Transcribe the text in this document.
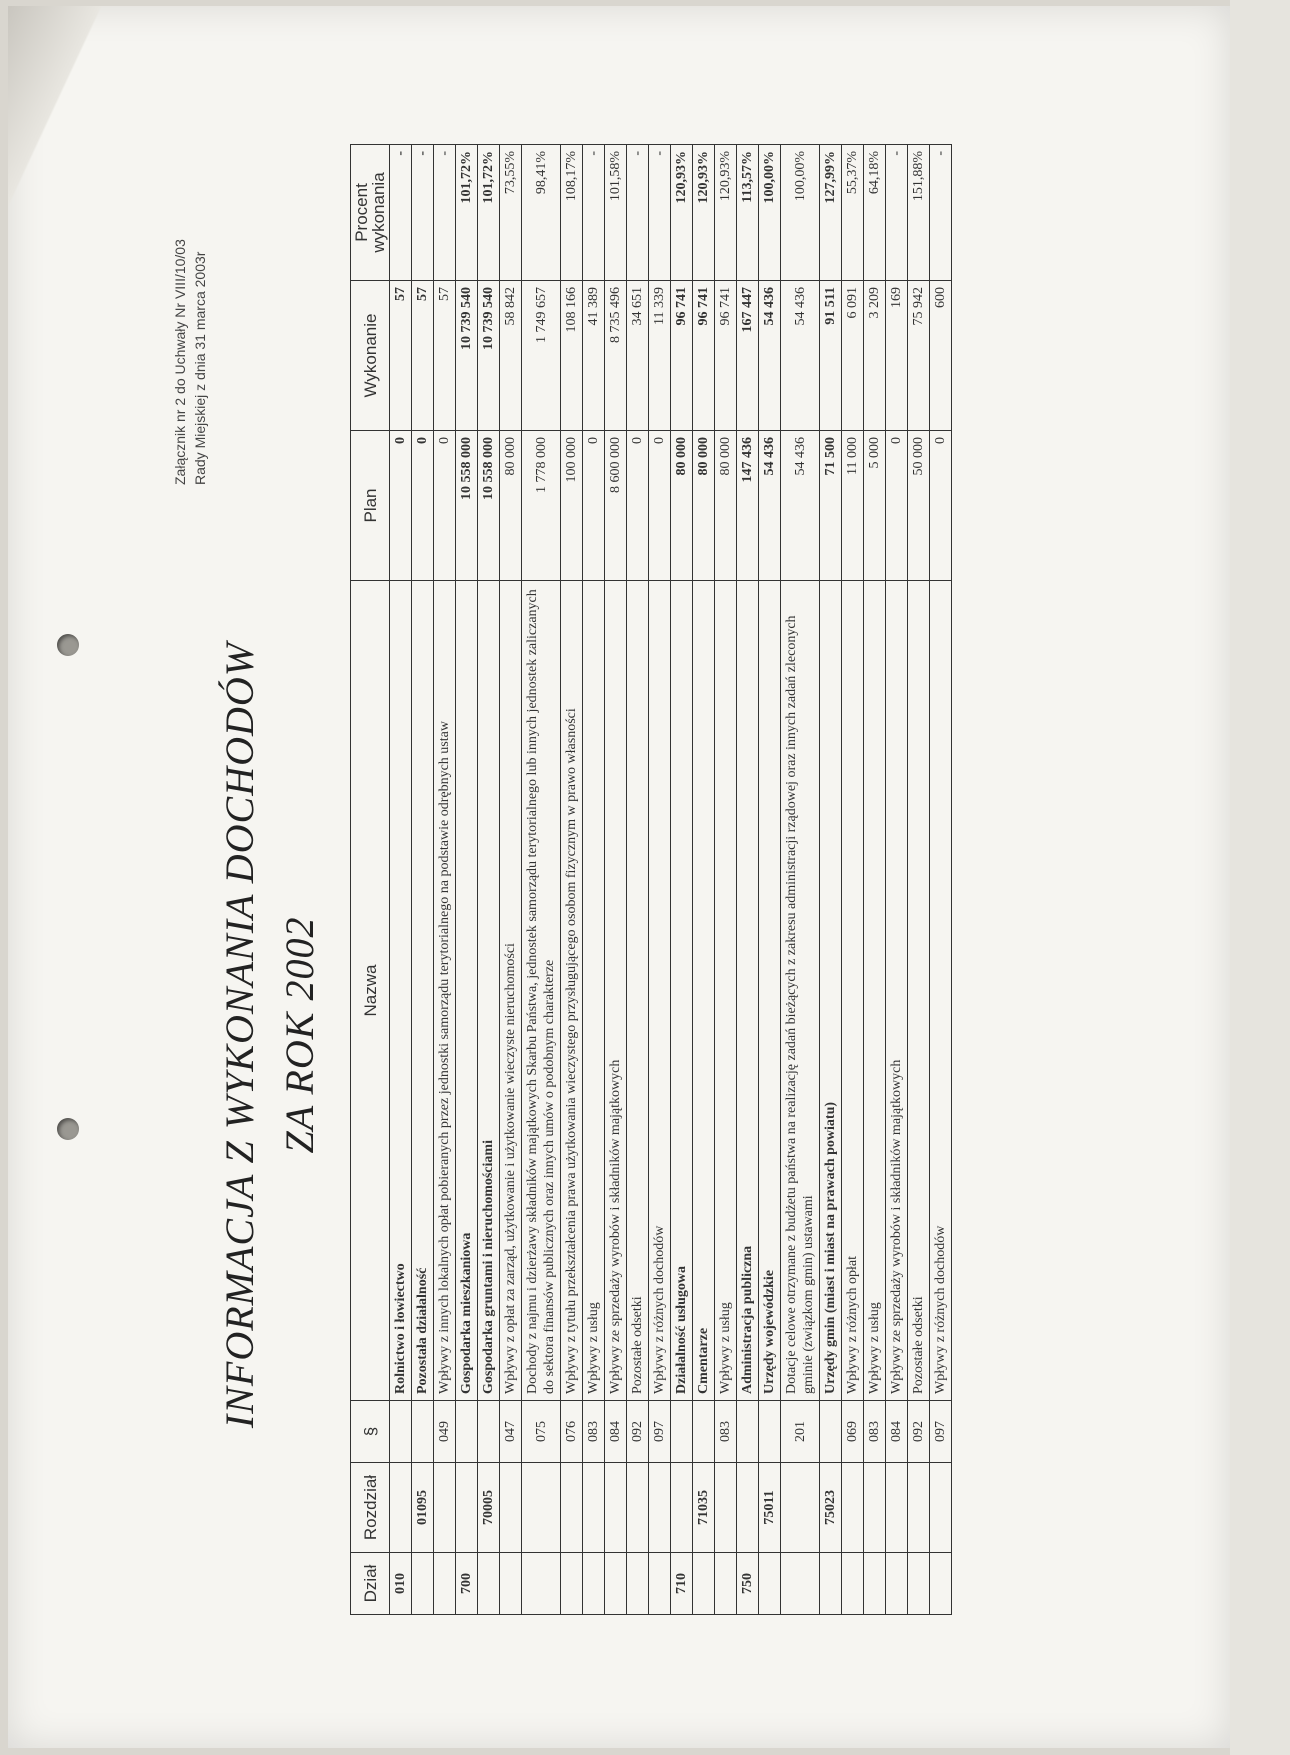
Załącznik nr 2 do Uchwały Nr VIII/10/03 Rady Miejskiej z dnia 31 marca 2003r
INFORMACJA Z WYKONANIA DOCHODÓW ZA ROK 2002
Dział	Rozdział	§	Nazwa	Plan	Wykonanie	Procent wykonania
010			Rolnictwo i łowiectwo	0	57	-
	01095		Pozostała działalność	0	57	-
		049	Wpływy z innych lokalnych opłat pobieranych przez jednostki samorządu terytorialnego na podstawie odrębnych ustaw	0	57	-
700			Gospodarka mieszkaniowa	10 558 000	10 739 540	101,72%
	70005		Gospodarka gruntami i nieruchomościami	10 558 000	10 739 540	101,72%
		047	Wpływy z opłat za zarząd, użytkowanie i użytkowanie wieczyste nieruchomości	80 000	58 842	73,55%
		075	Dochody z najmu i dzierżawy składników majątkowych Skarbu Państwa, jednostek samorządu terytorialnego lub innych jednostek zaliczanych do sektora finansów publicznych oraz innych umów o podobnym charakterze	1 778 000	1 749 657	98,41%
		076	Wpływy z tytułu przekształcenia prawa użytkowania wieczystego przysługującego osobom fizycznym w prawo własności	100 000	108 166	108,17%
		083	Wpływy z usług	0	41 389	-
		084	Wpływy ze sprzedaży wyrobów i składników majątkowych	8 600 000	8 735 496	101,58%
		092	Pozostałe odsetki	0	34 651	-
		097	Wpływy z różnych dochodów	0	11 339	-
710			Działalność usługowa	80 000	96 741	120,93%
	71035		Cmentarze	80 000	96 741	120,93%
		083	Wpływy z usług	80 000	96 741	120,93%
750			Administracja publiczna	147 436	167 447	113,57%
	75011		Urzędy wojewódzkie	54 436	54 436	100,00%
		201	Dotacje celowe otrzymane z budżetu państwa na realizację zadań bieżących z zakresu administracji rządowej oraz innych zadań zleconych gminie (związkom gmin) ustawami	54 436	54 436	100,00%
	75023		Urzędy gmin (miast i miast na prawach powiatu)	71 500	91 511	127,99%
		069	Wpływy z różnych opłat	11 000	6 091	55,37%
		083	Wpływy z usług	5 000	3 209	64,18%
		084	Wpływy ze sprzedaży wyrobów i składników majątkowych	0	169	-
		092	Pozostałe odsetki	50 000	75 942	151,88%
		097	Wpływy z różnych dochodów	0	600	-
